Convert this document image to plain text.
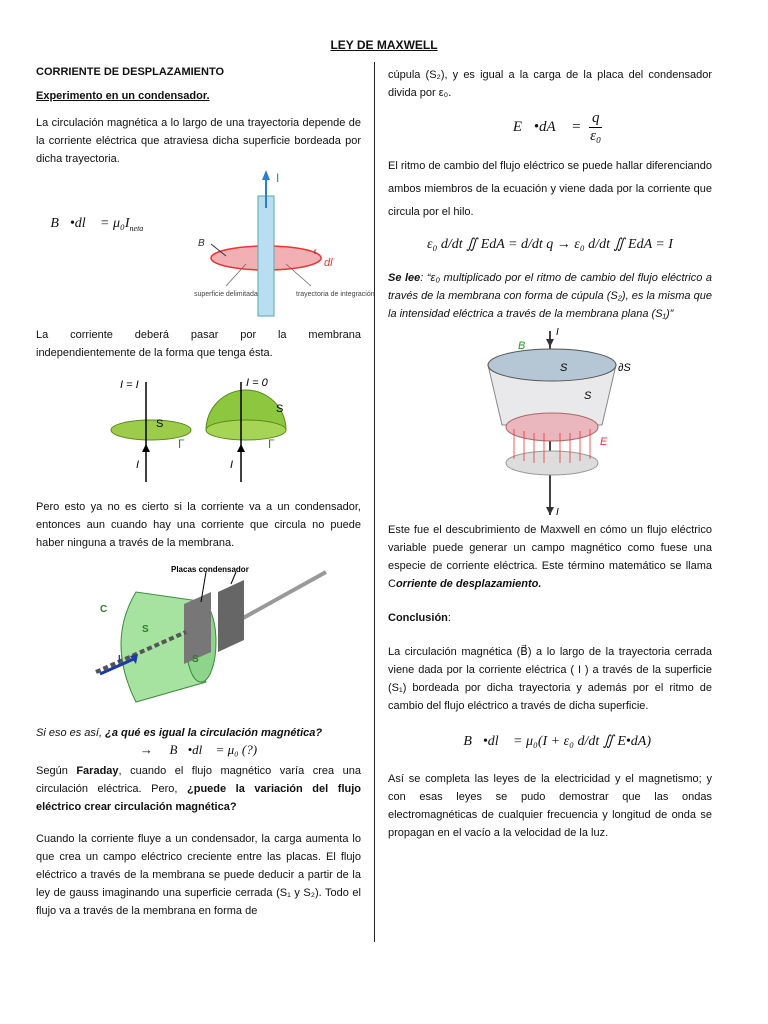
LEY DE MAXWELL
CORRIENTE DE DESPLAZAMIENTO
Experimento en un condensador.

La circulación magnética a lo largo de una trayectoria depende de la corriente eléctrica que atraviesa dicha superficie bordeada por dicha trayectoria.

∮ B⃗•dl⃗ = $\mu_0I_{neta}$
I
B
dl
r
superficie delimitada	trayectoria de integración

La corriente deberá pasar por la membrana

independientemente de la forma que tenga ésta.

I = I	I = 0
S
S
I	I
Γ	Γ

Pero esto ya no es cierto si la corriente va a un condensador, entonces aun cuando hay una corriente que circula no puede haber ninguna a través de la membrana.

Placas condensador
C
S
S
I

Si eso es así, ¿a qué es igual la circulación magnética?

→ ∮ B⃗•dl⃗ = μ₀ (?)

Según Faraday, cuando el flujo magnético varía crea una circulación eléctrica. Pero, ¿puede la variación del flujo eléctrico crear circulación magnética?

Cuando la corriente fluye a un condensador, la carga aumenta lo que crea un campo eléctrico creciente entre las placas. El flujo eléctrico a través de la membrana se puede deducir a partir de la ley de gauss imaginando una superficie cerrada (S₁ y S₂). Todo el flujo va a través de la membrana en forma de

cúpula (S₂), y es igual a la carga de la placa del condensador divida por ε₀.

∯ E⃗•dA⃗ = $\frac{q}{\text{ε₀}}$

El ritmo de cambio del flujo eléctrico se puede hallar diferenciando ambos miembros de la ecuación y viene dada por la corriente que circula por el hilo.

ε₀ d/dt ∬ EdA = d/dt q → ε₀ d/dt ∬ EdA = I

Se lee: “ε₀ multiplicado por el ritmo de cambio del flujo eléctrico a través de la membrana con forma de cúpula (S₂), es la misma que la intensidad eléctrica a través de la membrana plana (S₁)”

I
I
B
S	∂S
S
E

Este fue el descubrimiento de Maxwell en cómo un flujo eléctrico variable puede generar un campo magnético como fuese una especie de corriente eléctrica. Este término matemático se llama Corriente de desplazamiento.

Conclusión:

La circulación magnética (B⃗) a lo largo de la trayectoria cerrada viene dada por la corriente eléctrica ( I ) a través de la superficie (S₁) bordeada por dicha trayectoria y además por el ritmo de cambio del flujo eléctrico a través de dicha superficie.

∮ B⃗•dl⃗ = μ₀(I + ε₀ d/dt ∬ E•dA)

Así se completa las leyes de la electricidad y el magnetismo; y con esas leyes se pudo demostrar que las ondas electromagnéticas de cualquier frecuencia y longitud de onda se propagan en el vacío a la velocidad de la luz.
